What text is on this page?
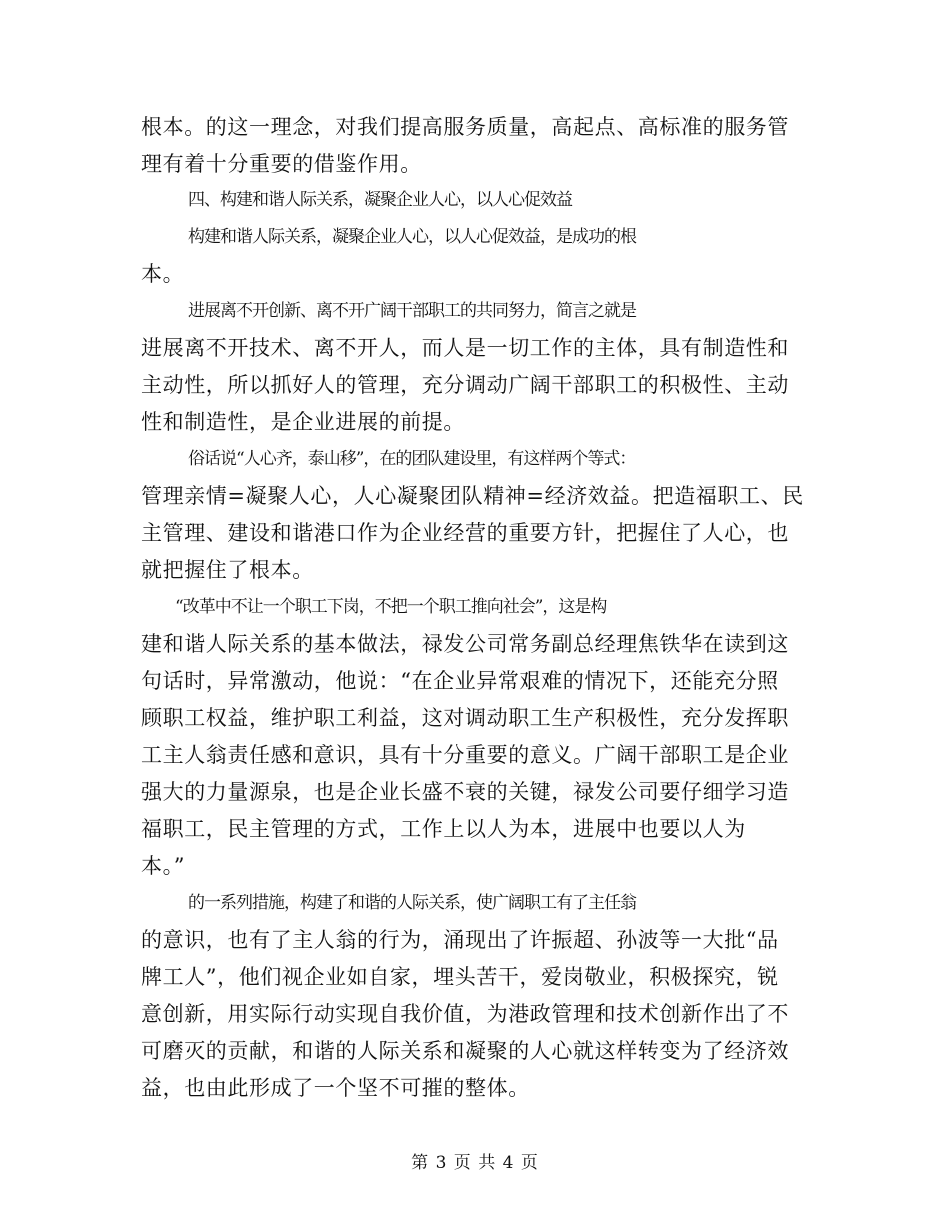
根本。的这一理念，对我们提高服务质量，高起点、高标准的服务管
理有着十分重要的借鉴作用。
四、构建和谐人际关系，凝聚企业人心，以人心促效益
构建和谐人际关系，凝聚企业人心，以人心促效益，是成功的根
本。
进展离不开创新、离不开广阔干部职工的共同努力，简言之就是
进展离不开技术、离不开人，而人是一切工作的主体，具有制造性和
主动性，所以抓好人的管理，充分调动广阔干部职工的积极性、主动
性和制造性，是企业进展的前提。
俗话说“人心齐，泰山移”，在的团队建设里，有这样两个等式：
管理亲情=凝聚人心，人心凝聚团队精神=经济效益。把造福职工、民
主管理、建设和谐港口作为企业经营的重要方针，把握住了人心，也
就把握住了根本。
“改革中不让一个职工下岗，不把一个职工推向社会”，这是构
建和谐人际关系的基本做法，禄发公司常务副总经理焦铁华在读到这
句话时，异常激动，他说：“在企业异常艰难的情况下，还能充分照
顾职工权益，维护职工利益，这对调动职工生产积极性，充分发挥职
工主人翁责任感和意识，具有十分重要的意义。广阔干部职工是企业
强大的力量源泉，也是企业长盛不衰的关键，禄发公司要仔细学习造
福职工，民主管理的方式，工作上以人为本，进展中也要以人为
本。”
的一系列措施，构建了和谐的人际关系，使广阔职工有了主任翁
的意识，也有了主人翁的行为，涌现出了许振超、孙波等一大批“品
牌工人”，他们视企业如自家，埋头苦干，爱岗敬业，积极探究，锐
意创新，用实际行动实现自我价值，为港政管理和技术创新作出了不
可磨灭的贡献，和谐的人际关系和凝聚的人心就这样转变为了经济效
益，也由此形成了一个坚不可摧的整体。
第 3 页 共 4 页
